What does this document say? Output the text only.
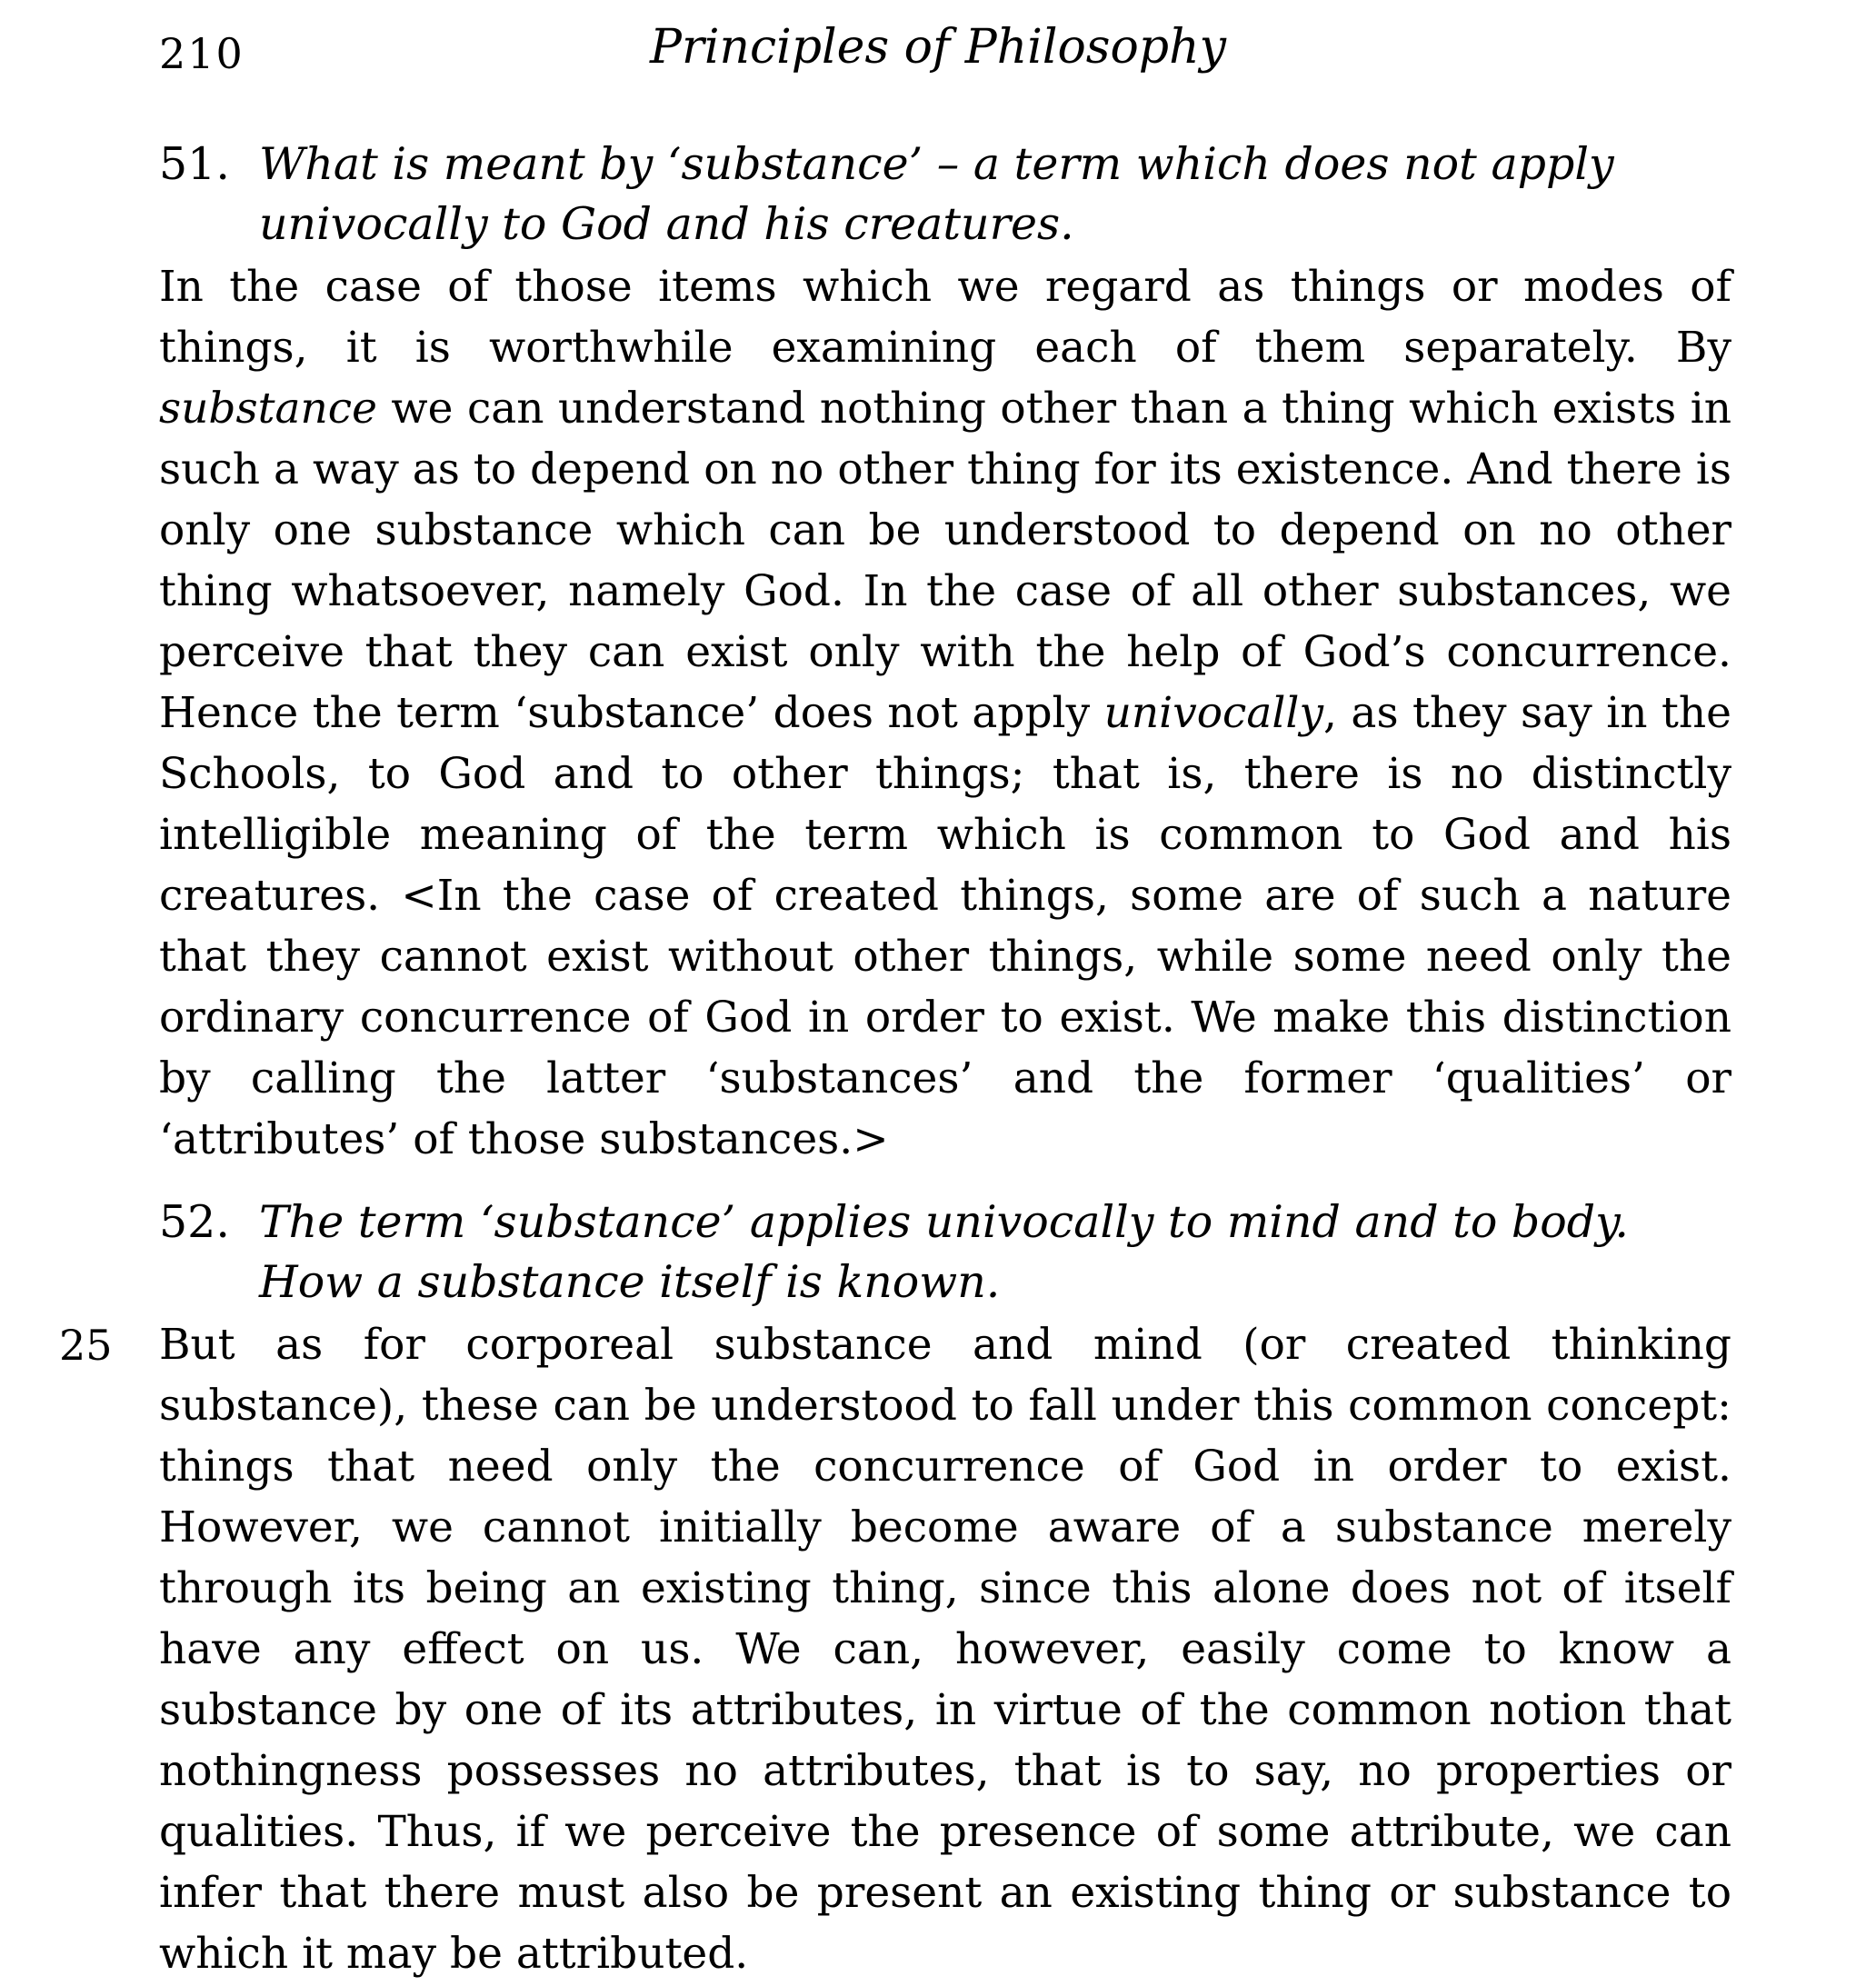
210	Principles of Philosophy

51. What is meant by ‘substance’ – a term which does not apply univocally to God and his creatures.

In the case of those items which we regard as things or modes of things, it is worthwhile examining each of them separately. By substance we can understand nothing other than a thing which exists in such a way as to depend on no other thing for its existence. And there is only one substance which can be understood to depend on no other thing whatsoever, namely God. In the case of all other substances, we perceive that they can exist only with the help of God’s concurrence. Hence the term ‘substance’ does not apply univocally, as they say in the Schools, to God and to other things; that is, there is no distinctly intelligible meaning of the term which is common to God and his creatures. <In the case of created things, some are of such a nature that they cannot exist without other things, while some need only the ordinary concurrence of God in order to exist. We make this distinction by calling the latter ‘substances’ and the former ‘qualities’ or ‘attributes’ of those substances.>

25

52. The term ‘substance’ applies univocally to mind and to body. How a substance itself is known.

But as for corporeal substance and mind (or created thinking substance), these can be understood to fall under this common concept: things that need only the concurrence of God in order to exist. However, we cannot initially become aware of a substance merely through its being an existing thing, since this alone does not of itself have any effect on us. We can, however, easily come to know a substance by one of its attributes, in virtue of the common notion that nothingness possesses no attributes, that is to say, no properties or qualities. Thus, if we perceive the presence of some attribute, we can infer that there must also be present an existing thing or substance to which it may be attributed.
